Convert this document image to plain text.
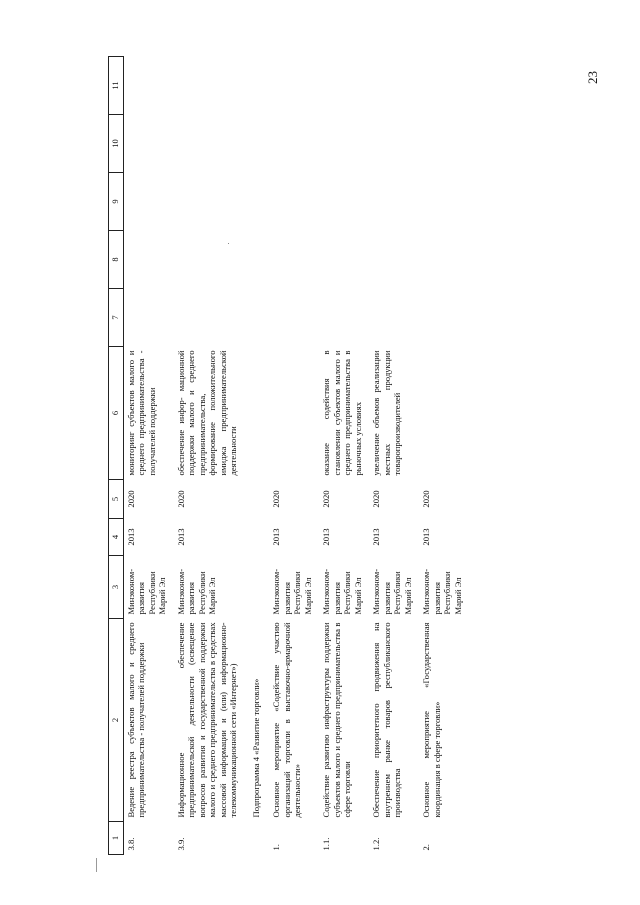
23
1	2	3	4	5	6	7	8	9	10	11
3.8.	Ведение реестра субъектов малого и среднего предпринимательства - получателей поддержки	Минэконом- развития Республики Марий Эл	2013	2020	мониторинг субъектов малого и среднего предпринимательства - получателей поддержки					
3.9.	Информационное обеспечение предпринимательской деятельности (освещение вопросов развития и государственной поддержки малого и среднего предпринимательства в средствах массовой информации и (или) информационно-телекоммуникационной сети «Интернет»)	Минэконом- развития Республики Марий Эл	2013	2020	обеспечение инфор- мационной поддержки малого и среднего предпринимательства, формирование положительного имиджа предпринимательской деятельности					
	Подпрограмма 4 «Развитие торговли»									
1.	Основное мероприятие «Содействие участию организаций торговли в выставочно-ярмарочной деятельности»	Минэконом- развития Республики Марий Эл	2013	2020						
1.1.	Содействие развитию инфраструктуры поддержки субъектов малого и среднего предпринимательства в сфере торговли	Минэконом- развития Республики Марий Эл	2013	2020	оказание содействия в становлении субъектов малого и среднего предпринимательства в рыночных условиях					
1.2.	Обеспечение приоритетного продвижения на внутреннем рынке товаров республиканского производства	Минэконом- развития Республики Марий Эл	2013	2020	увеличение объемов реализации местных продукции товаропроизводителей					
2.	Основное мероприятие «Государственная координация в сфере торговли»	Минэконом- развития Республики Марий Эл	2013	2020						
